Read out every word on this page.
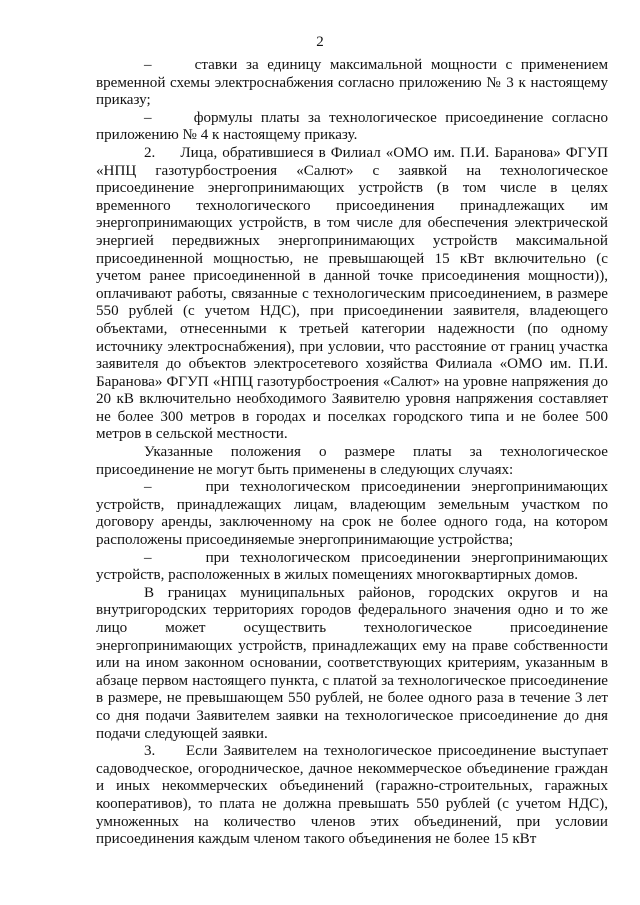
2

–     ставки за единицу максимальной мощности с применением временной схемы электроснабжения согласно приложению № 3 к настоящему приказу;

–     формулы платы за технологическое присоединение согласно приложению № 4 к настоящему приказу.

2.     Лица, обратившиеся в Филиал «ОМО им. П.И. Баранова» ФГУП «НПЦ газотурбостроения «Салют» с заявкой на технологическое присоединение энергопринимающих устройств (в том числе в целях временного технологического присоединения принадлежащих им энергопринимающих устройств, в том числе для обеспечения электрической энергией передвижных энергопринимающих устройств максимальной присоединенной мощностью, не превышающей 15 кВт включительно (с учетом ранее присоединенной в данной точке присоединения мощности)), оплачивают работы, связанные с технологическим присоединением, в размере 550 рублей (с учетом НДС), при присоединении заявителя, владеющего объектами, отнесенными к третьей категории надежности (по одному источнику электроснабжения), при условии, что расстояние от границ участка заявителя до объектов электросетевого хозяйства Филиала «ОМО им. П.И. Баранова» ФГУП «НПЦ газотурбостроения «Салют» на уровне напряжения до 20 кВ включительно необходимого Заявителю уровня напряжения составляет не более 300 метров в городах и поселках городского типа и не более 500 метров в сельской местности.

Указанные положения о размере платы за технологическое присоединение не могут быть применены в следующих случаях:

–     при технологическом присоединении энергопринимающих устройств, принадлежащих лицам, владеющим земельным участком по договору аренды, заключенному на срок не более одного года, на котором расположены присоединяемые энергопринимающие устройства;

–     при технологическом присоединении энергопринимающих устройств, расположенных в жилых помещениях многоквартирных домов.

В границах муниципальных районов, городских округов и на внутригородских территориях городов федерального значения одно и то же лицо может осуществить технологическое присоединение энергопринимающих устройств, принадлежащих ему на праве собственности или на ином законном основании, соответствующих критериям, указанным в абзаце первом настоящего пункта, с платой за технологическое присоединение в размере, не превышающем 550 рублей, не более одного раза в течение 3 лет со дня подачи Заявителем заявки на технологическое присоединение до дня подачи следующей заявки.

3.     Если Заявителем на технологическое присоединение выступает садоводческое, огородническое, дачное некоммерческое объединение граждан и иных некоммерческих объединений (гаражно-строительных, гаражных кооперативов), то плата не должна превышать 550 рублей (с учетом НДС), умноженных на количество членов этих объединений, при условии присоединения каждым членом такого объединения не более 15 кВт
